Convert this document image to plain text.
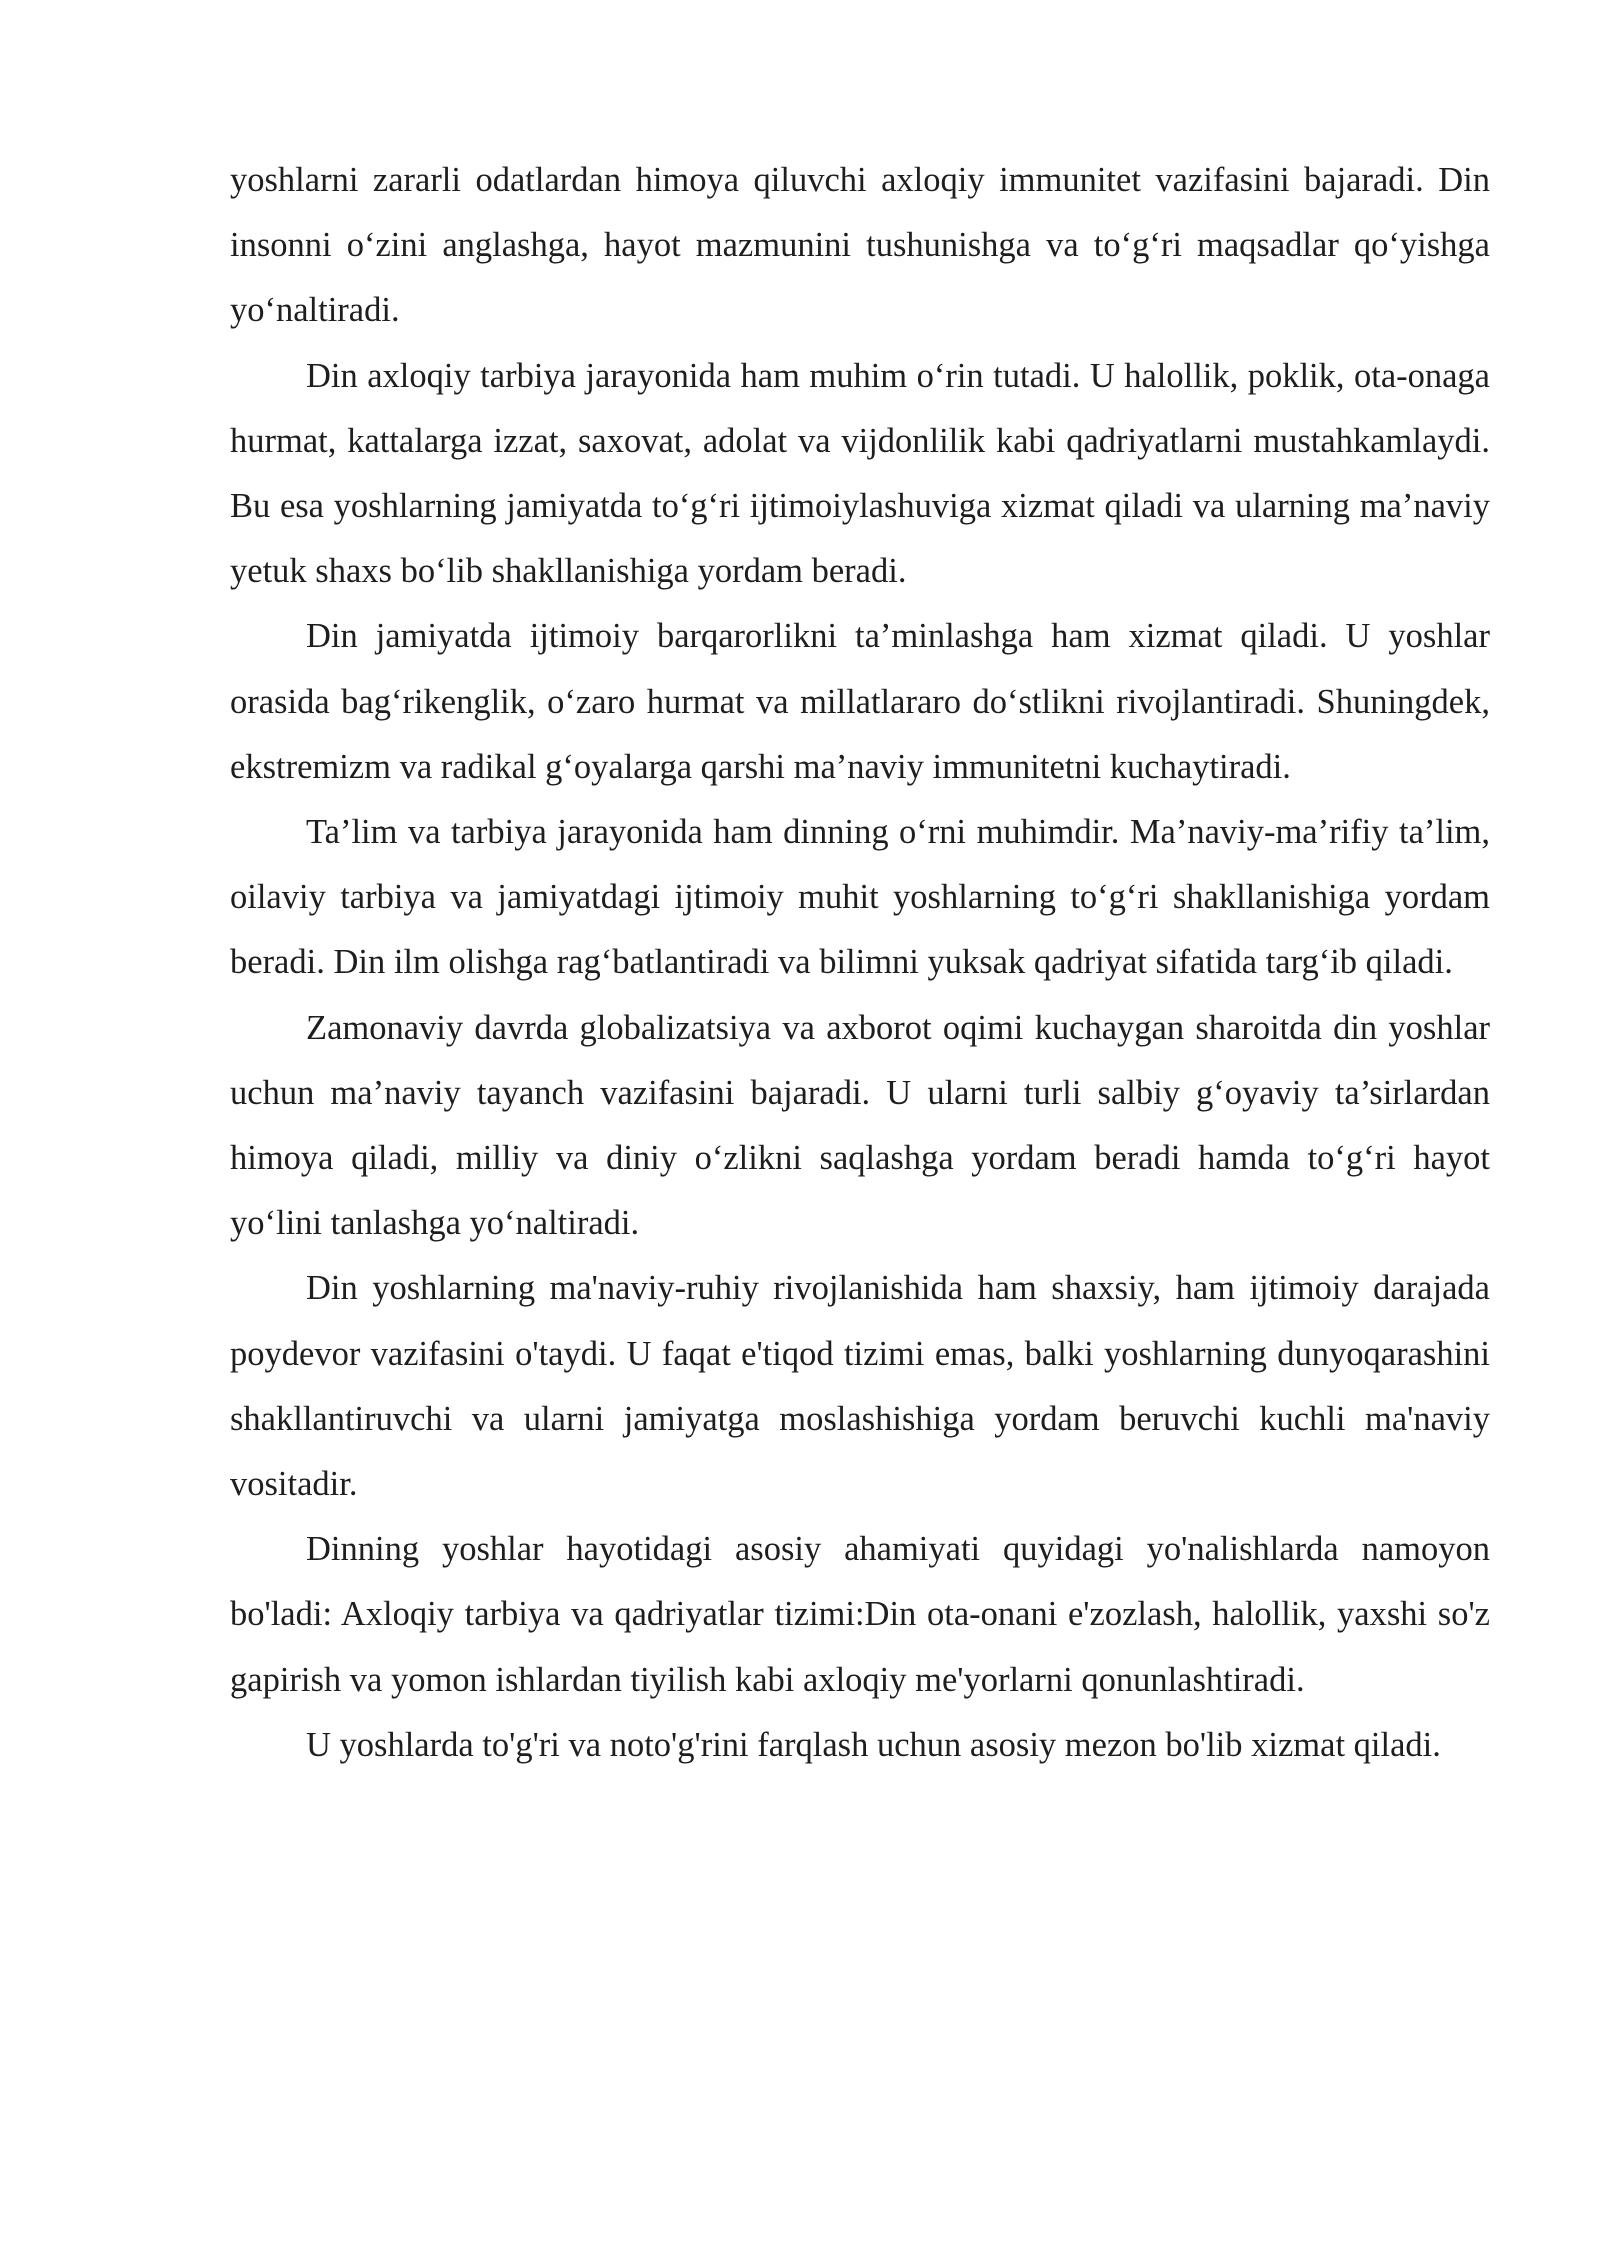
yoshlarni zararli odatlardan himoya qiluvchi axloqiy immunitet vazifasini bajaradi. Din insonni o‘zini anglashga, hayot mazmunini tushunishga va to‘g‘ri maqsadlar qo‘yishga yo‘naltiradi.

Din axloqiy tarbiya jarayonida ham muhim o‘rin tutadi. U halollik, poklik, ota-onaga hurmat, kattalarga izzat, saxovat, adolat va vijdonlilik kabi qadriyatlarni mustahkamlaydi. Bu esa yoshlarning jamiyatda to‘g‘ri ijtimoiylashuviga xizmat qiladi va ularning ma’naviy yetuk shaxs bo‘lib shakllanishiga yordam beradi.

Din jamiyatda ijtimoiy barqarorlikni ta’minlashga ham xizmat qiladi. U yoshlar orasida bag‘rikenglik, o‘zaro hurmat va millatlararo do‘stlikni rivojlantiradi. Shuningdek, ekstremizm va radikal g‘oyalarga qarshi ma’naviy immunitetni kuchaytiradi.

Ta’lim va tarbiya jarayonida ham dinning o‘rni muhimdir. Ma’naviy-ma’rifiy ta’lim, oilaviy tarbiya va jamiyatdagi ijtimoiy muhit yoshlarning to‘g‘ri shakllanishiga yordam beradi. Din ilm olishga rag‘batlantiradi va bilimni yuksak qadriyat sifatida targ‘ib qiladi.

Zamonaviy davrda globalizatsiya va axborot oqimi kuchaygan sharoitda din yoshlar uchun ma’naviy tayanch vazifasini bajaradi. U ularni turli salbiy g‘oyaviy ta’sirlardan himoya qiladi, milliy va diniy o‘zlikni saqlashga yordam beradi hamda to‘g‘ri hayot yo‘lini tanlashga yo‘naltiradi.

Din yoshlarning ma'naviy-ruhiy rivojlanishida ham shaxsiy, ham ijtimoiy darajada poydevor vazifasini o'taydi. U faqat e'tiqod tizimi emas, balki yoshlarning dunyoqarashini shakllantiruvchi va ularni jamiyatga moslashishiga yordam beruvchi kuchli ma'naviy vositadir.

Dinning yoshlar hayotidagi asosiy ahamiyati quyidagi yo'nalishlarda namoyon bo'ladi: Axloqiy tarbiya va qadriyatlar tizimi:Din ota-onani e'zozlash, halollik, yaxshi so'z gapirish va yomon ishlardan tiyilish kabi axloqiy me'yorlarni qonunlashtiradi.

U yoshlarda to'g'ri va noto'g'rini farqlash uchun asosiy mezon bo'lib xizmat qiladi.
